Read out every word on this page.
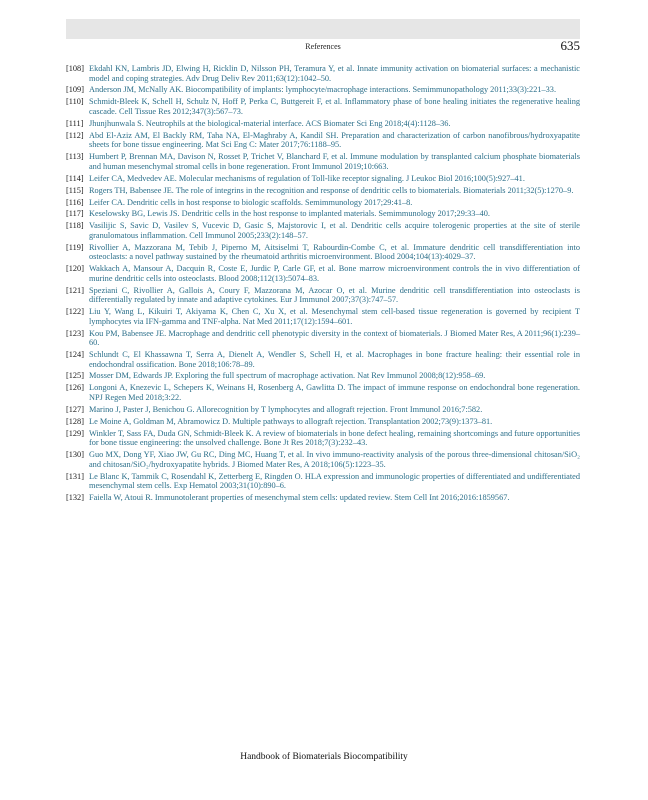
References	635
[108] Ekdahl KN, Lambris JD, Elwing H, Ricklin D, Nilsson PH, Teramura Y, et al. Innate immunity activation on biomaterial surfaces: a mechanistic model and coping strategies. Adv Drug Deliv Rev 2011;63(12):1042–50.
[109] Anderson JM, McNally AK. Biocompatibility of implants: lymphocyte/macrophage interactions. Semimmunopathology 2011;33(3):221–33.
[110] Schmidt-Bleek K, Schell H, Schulz N, Hoff P, Perka C, Buttgereit F, et al. Inflammatory phase of bone healing initiates the regenerative healing cascade. Cell Tissue Res 2012;347(3):567–73.
[111] Jhunjhunwala S. Neutrophils at the biological-material interface. ACS Biomater Sci Eng 2018;4(4):1128–36.
[112] Abd El-Aziz AM, El Backly RM, Taha NA, El-Maghraby A, Kandil SH. Preparation and characterization of carbon nanofibrous/hydroxyapatite sheets for bone tissue engineering. Mat Sci Eng C: Mater 2017;76:1188–95.
[113] Humbert P, Brennan MA, Davison N, Rosset P, Trichet V, Blanchard F, et al. Immune modulation by transplanted calcium phosphate biomaterials and human mesenchymal stromal cells in bone regeneration. Front Immunol 2019;10:663.
[114] Leifer CA, Medvedev AE. Molecular mechanisms of regulation of Toll-like receptor signaling. J Leukoc Biol 2016;100(5):927–41.
[115] Rogers TH, Babensee JE. The role of integrins in the recognition and response of dendritic cells to biomaterials. Biomaterials 2011;32(5):1270–9.
[116] Leifer CA. Dendritic cells in host response to biologic scaffolds. Semimmunology 2017;29:41–8.
[117] Keselowsky BG, Lewis JS. Dendritic cells in the host response to implanted materials. Semimmunology 2017;29:33–40.
[118] Vasilijic S, Savic D, Vasilev S, Vucevic D, Gasic S, Majstorovic I, et al. Dendritic cells acquire tolerogenic properties at the site of sterile granulomatous inflammation. Cell Immunol 2005;233(2):148–57.
[119] Rivollier A, Mazzorana M, Tebib J, Piperno M, Aitsiselmi T, Rabourdin-Combe C, et al. Immature dendritic cell transdifferentiation into osteoclasts: a novel pathway sustained by the rheumatoid arthritis microenvironment. Blood 2004;104(13):4029–37.
[120] Wakkach A, Mansour A, Dacquin R, Coste E, Jurdic P, Carle GF, et al. Bone marrow microenvironment controls the in vivo differentiation of murine dendritic cells into osteoclasts. Blood 2008;112(13):5074–83.
[121] Speziani C, Rivollier A, Gallois A, Coury F, Mazzorana M, Azocar O, et al. Murine dendritic cell transdifferentiation into osteoclasts is differentially regulated by innate and adaptive cytokines. Eur J Immunol 2007;37(3):747–57.
[122] Liu Y, Wang L, Kikuiri T, Akiyama K, Chen C, Xu X, et al. Mesenchymal stem cell-based tissue regeneration is governed by recipient T lymphocytes via IFN-gamma and TNF-alpha. Nat Med 2011;17(12):1594–601.
[123] Kou PM, Babensee JE. Macrophage and dendritic cell phenotypic diversity in the context of biomaterials. J Biomed Mater Res, A 2011;96(1):239–60.
[124] Schlundt C, El Khassawna T, Serra A, Dienelt A, Wendler S, Schell H, et al. Macrophages in bone fracture healing: their essential role in endochondral ossification. Bone 2018;106:78–89.
[125] Mosser DM, Edwards JP. Exploring the full spectrum of macrophage activation. Nat Rev Immunol 2008;8(12):958–69.
[126] Longoni A, Knezevic L, Schepers K, Weinans H, Rosenberg A, Gawlitta D. The impact of immune response on endochondral bone regeneration. NPJ Regen Med 2018;3:22.
[127] Marino J, Paster J, Benichou G. Allorecognition by T lymphocytes and allograft rejection. Front Immunol 2016;7:582.
[128] Le Moine A, Goldman M, Abramowicz D. Multiple pathways to allograft rejection. Transplantation 2002;73(9):1373–81.
[129] Winkler T, Sass FA, Duda GN, Schmidt-Bleek K. A review of biomaterials in bone defect healing, remaining shortcomings and future opportunities for bone tissue engineering: the unsolved challenge. Bone Jt Res 2018;7(3):232–43.
[130] Guo MX, Dong YF, Xiao JW, Gu RC, Ding MC, Huang T, et al. In vivo immuno-reactivity analysis of the porous three-dimensional chitosan/SiO₂ and chitosan/SiO₂/hydroxyapatite hybrids. J Biomed Mater Res, A 2018;106(5):1223–35.
[131] Le Blanc K, Tammik C, Rosendahl K, Zetterberg E, Ringden O. HLA expression and immunologic properties of differentiated and undifferentiated mesenchymal stem cells. Exp Hematol 2003;31(10):890–6.
[132] Faiella W, Atoui R. Immunotolerant properties of mesenchymal stem cells: updated review. Stem Cell Int 2016;2016:1859567.
Handbook of Biomaterials Biocompatibility
